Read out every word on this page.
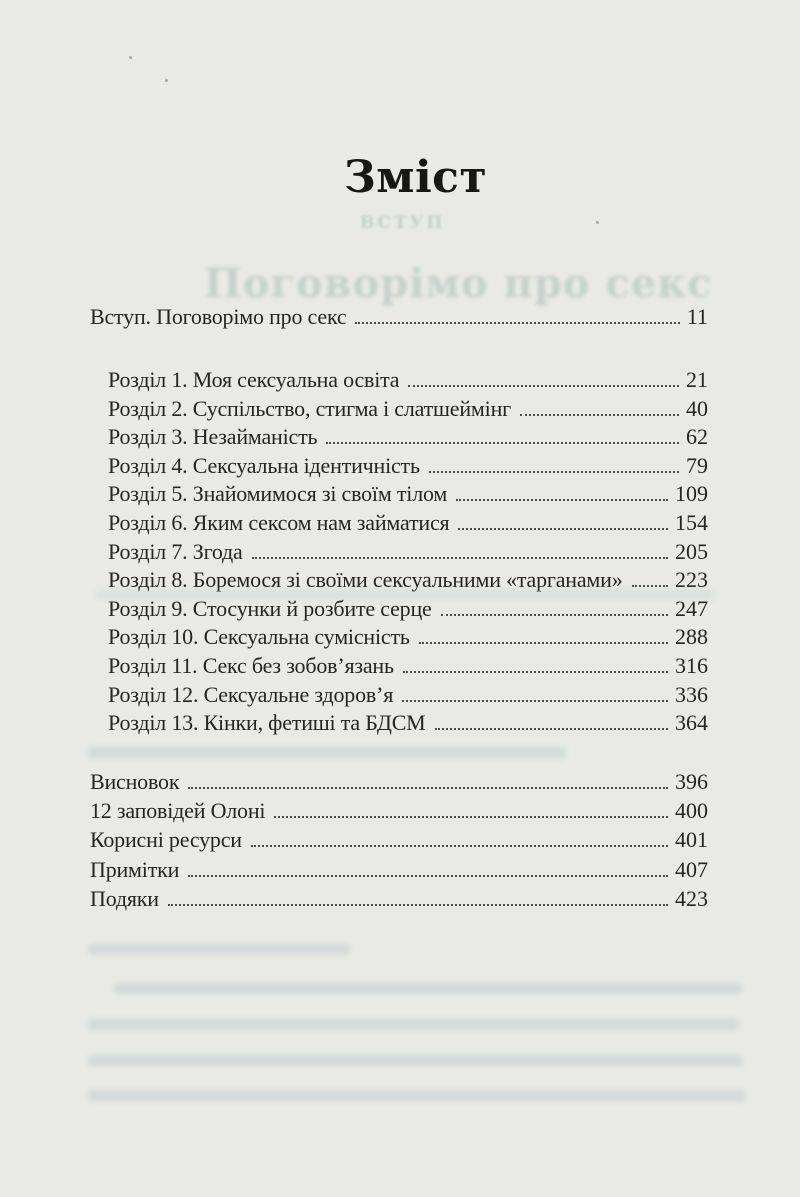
Зміст
ВСТУП
Поговорімо про секс
Вступ. Поговорімо про секс	11
Розділ 1. Моя сексуальна освіта	21
Розділ 2. Суспільство, стигма і слатшеймінг	40
Розділ 3. Незайманість	62
Розділ 4. Сексуальна ідентичність	79
Розділ 5. Знайомимося зі своїм тілом	109
Розділ 6. Яким сексом нам займатися	154
Розділ 7. Згода	205
Розділ 8. Боремося зі своїми сексуальними «тарганами» 223
Розділ 9. Стосунки й розбите серце	247
Розділ 10. Сексуальна сумісність	288
Розділ 11. Секс без зобов’язань	316
Розділ 12. Сексуальне здоров’я	336
Розділ 13. Кінки, фетиші та БДСМ	364
Висновок	396
12 заповідей Олоні	400
Корисні ресурси	401
Примітки	407
Подяки	423
